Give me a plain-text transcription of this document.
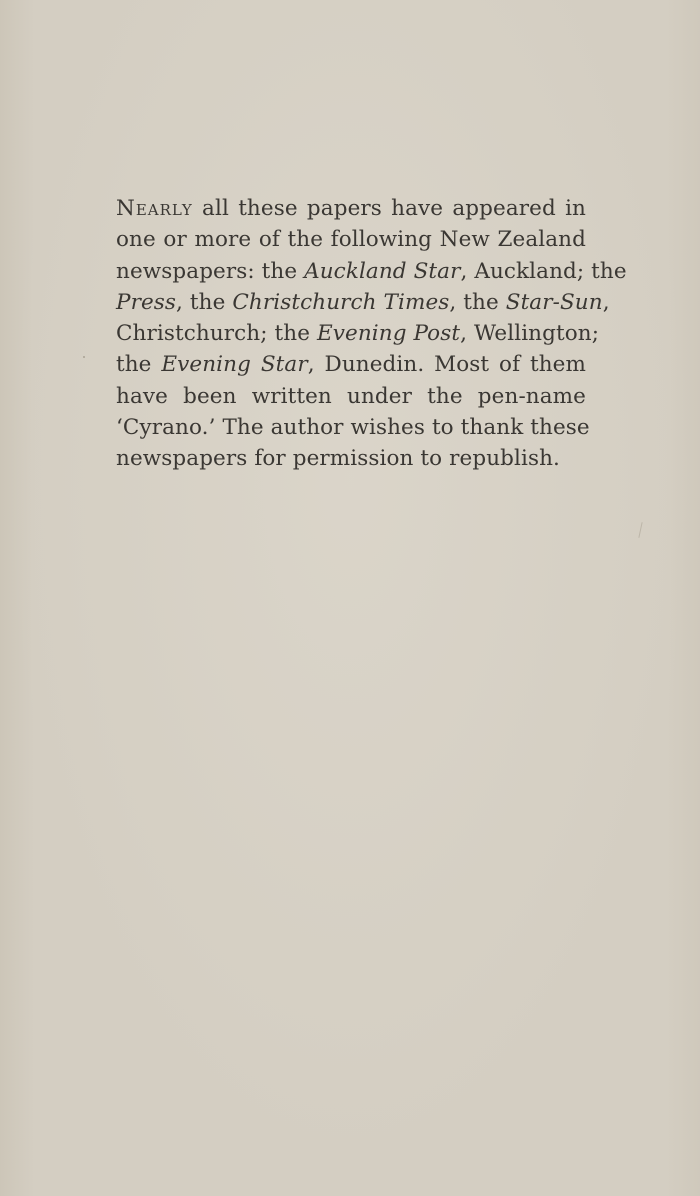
Nearly all these papers have appeared in
one or more of the following New Zealand
newspapers: the Auckland Star, Auckland; the
Press, the Christchurch Times, the Star-Sun,
Christchurch; the Evening Post, Wellington;
the Evening Star, Dunedin. Most of them
have been written under the pen-name
‘Cyrano.’ The author wishes to thank these
newspapers for permission to republish.
